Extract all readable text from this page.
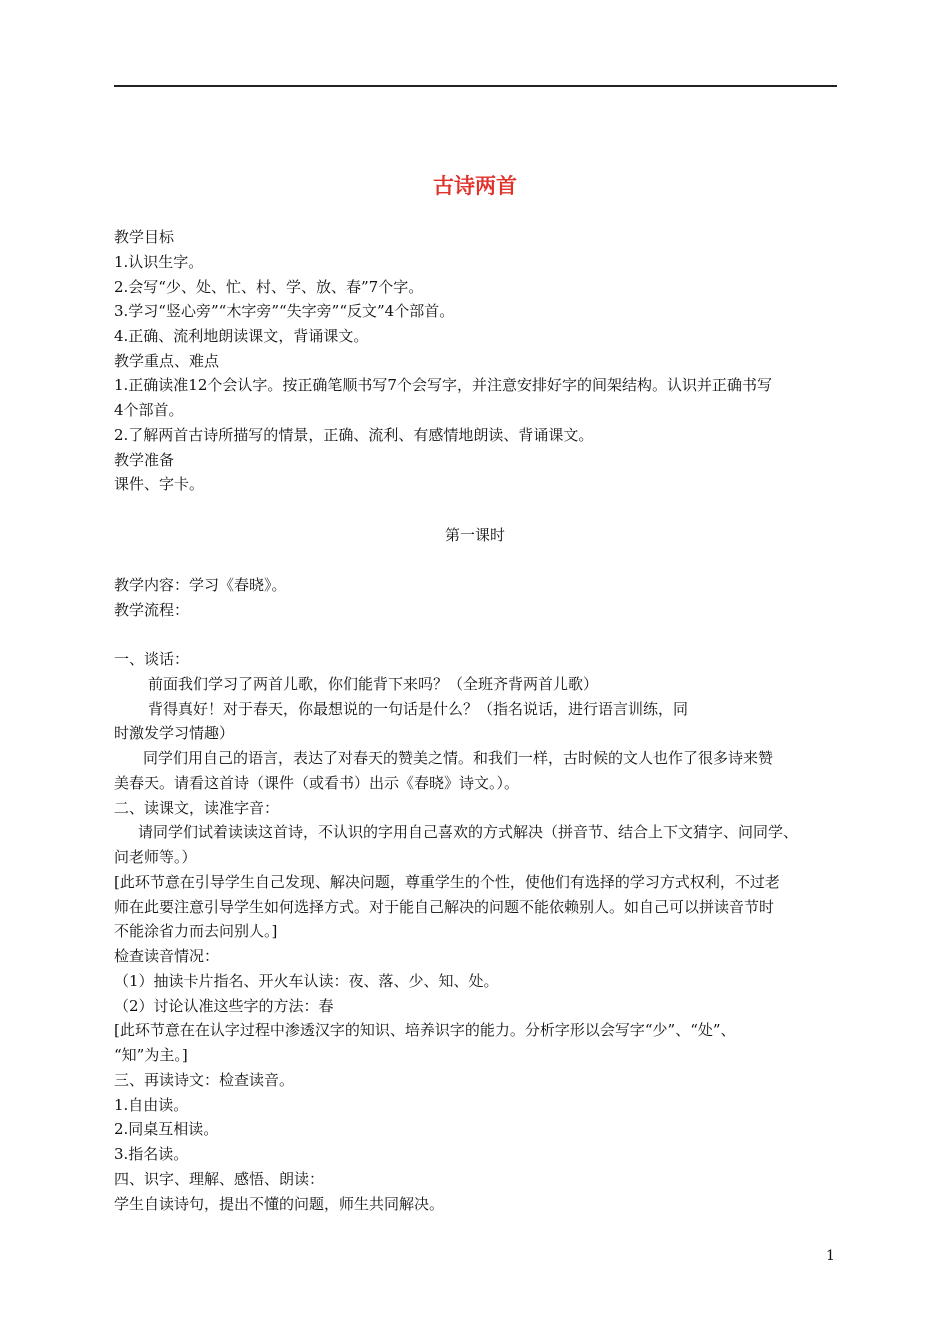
古诗两首
教学目标
1.认识生字。
2.会写“少、处、忙、村、学、放、春”7个字。
3.学习“竖心旁”“木字旁”“失字旁”“反文”4个部首。
4.正确、流利地朗读课文，背诵课文。
教学重点、难点
1.正确读准12个会认字。按正确笔顺书写7个会写字，并注意安排好字的间架结构。认识并正确书写
4个部首。
2.了解两首古诗所描写的情景，正确、流利、有感情地朗读、背诵课文。
教学准备
课件、字卡。
第一课时
教学内容：学习《春晓》。
教学流程：
一、谈话：
前面我们学习了两首儿歌，你们能背下来吗？（全班齐背两首儿歌）
背得真好！对于春天，你最想说的一句话是什么？（指名说话，进行语言训练，同
时激发学习情趣）
同学们用自己的语言，表达了对春天的赞美之情。和我们一样，古时候的文人也作了很多诗来赞
美春天。请看这首诗（课件（或看书）出示《春晓》诗文。）。
二、读课文，读准字音：
请同学们试着读读这首诗，不认识的字用自己喜欢的方式解决（拼音节、结合上下文猜字、问同学、
问老师等。）
[此环节意在引导学生自己发现、解决问题，尊重学生的个性，使他们有选择的学习方式权利，不过老
师在此要注意引导学生如何选择方式。对于能自己解决的问题不能依赖别人。如自己可以拼读音节时
不能涂省力而去问别人。]
检查读音情况：
（1）抽读卡片指名、开火车认读：夜、落、少、知、处。
（2）讨论认准这些字的方法：春
[此环节意在在认字过程中渗透汉字的知识、培养识字的能力。分析字形以会写字“少”、“处”、
“知”为主。]
三、再读诗文：检查读音。
1.自由读。
2.同桌互相读。
3.指名读。
四、识字、理解、感悟、朗读：
学生自读诗句，提出不懂的问题，师生共同解决。
1
